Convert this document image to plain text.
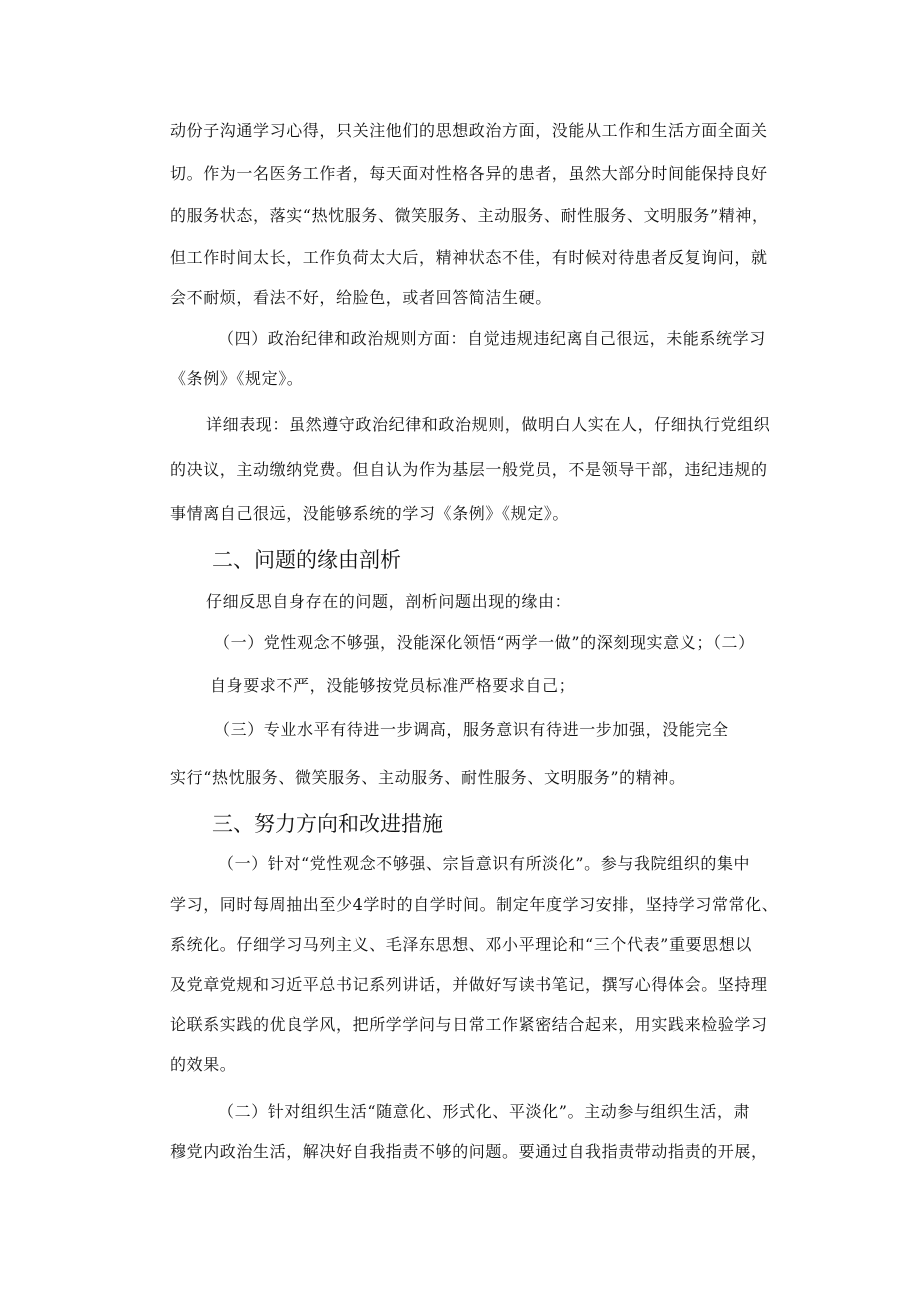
动份子沟通学习心得，只关注他们的思想政治方面，没能从工作和生活方面全面关
切。作为一名医务工作者，每天面对性格各异的患者，虽然大部分时间能保持良好
的服务状态，落实“热忱服务、微笑服务、主动服务、耐性服务、文明服务”精神，
但工作时间太长，工作负荷太大后，精神状态不佳，有时候对待患者反复询问，就
会不耐烦，看法不好，给脸色，或者回答简洁生硬。
（四）政治纪律和政治规则方面：自觉违规违纪离自己很远，未能系统学习
《条例》《规定》。
详细表现：虽然遵守政治纪律和政治规则，做明白人实在人，仔细执行党组织
的决议，主动缴纳党费。但自认为作为基层一般党员，不是领导干部，违纪违规的
事情离自己很远，没能够系统的学习《条例》《规定》。
二、问题的缘由剖析
仔细反思自身存在的问题，剖析问题出现的缘由：
（一）党性观念不够强，没能深化领悟“两学一做”的深刻现实意义；（二）
自身要求不严，没能够按党员标准严格要求自己；
（三）专业水平有待进一步调高，服务意识有待进一步加强，没能完全
实行“热忱服务、微笑服务、主动服务、耐性服务、文明服务”的精神。
三、努力方向和改进措施
（一）针对“党性观念不够强、宗旨意识有所淡化”。参与我院组织的集中
学习，同时每周抽出至少4学时的自学时间。制定年度学习安排，坚持学习常常化、
系统化。仔细学习马列主义、毛泽东思想、邓小平理论和“三个代表”重要思想以
及党章党规和习近平总书记系列讲话，并做好写读书笔记，撰写心得体会。坚持理
论联系实践的优良学风，把所学学问与日常工作紧密结合起来，用实践来检验学习
的效果。
（二）针对组织生活“随意化、形式化、平淡化”。主动参与组织生活，肃
穆党内政治生活，解决好自我指责不够的问题。要通过自我指责带动指责的开展，
